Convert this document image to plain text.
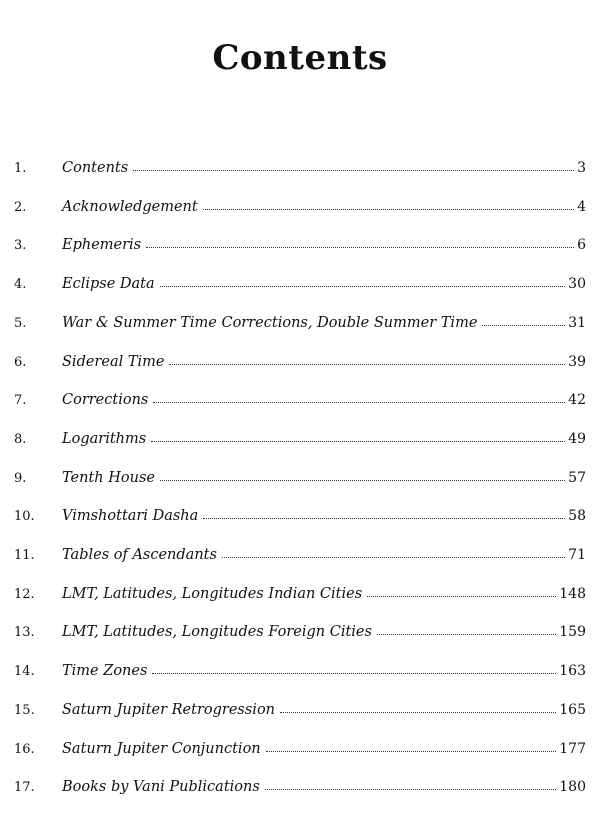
Contents
1.	Contents	3
2.	Acknowledgement	4
3.	Ephemeris	6
4.	Eclipse Data	30
5.	War & Summer Time Corrections, Double Summer Time	31
6.	Sidereal Time	39
7.	Corrections	42
8.	Logarithms	49
9.	Tenth House	57
10.	Vimshottari Dasha	58
11.	Tables of Ascendants	71
12.	LMT, Latitudes, Longitudes Indian Cities	148
13.	LMT, Latitudes, Longitudes Foreign Cities	159
14.	Time Zones	163
15.	Saturn Jupiter Retrogression	165
16.	Saturn Jupiter Conjunction	177
17.	Books by Vani Publications	180
